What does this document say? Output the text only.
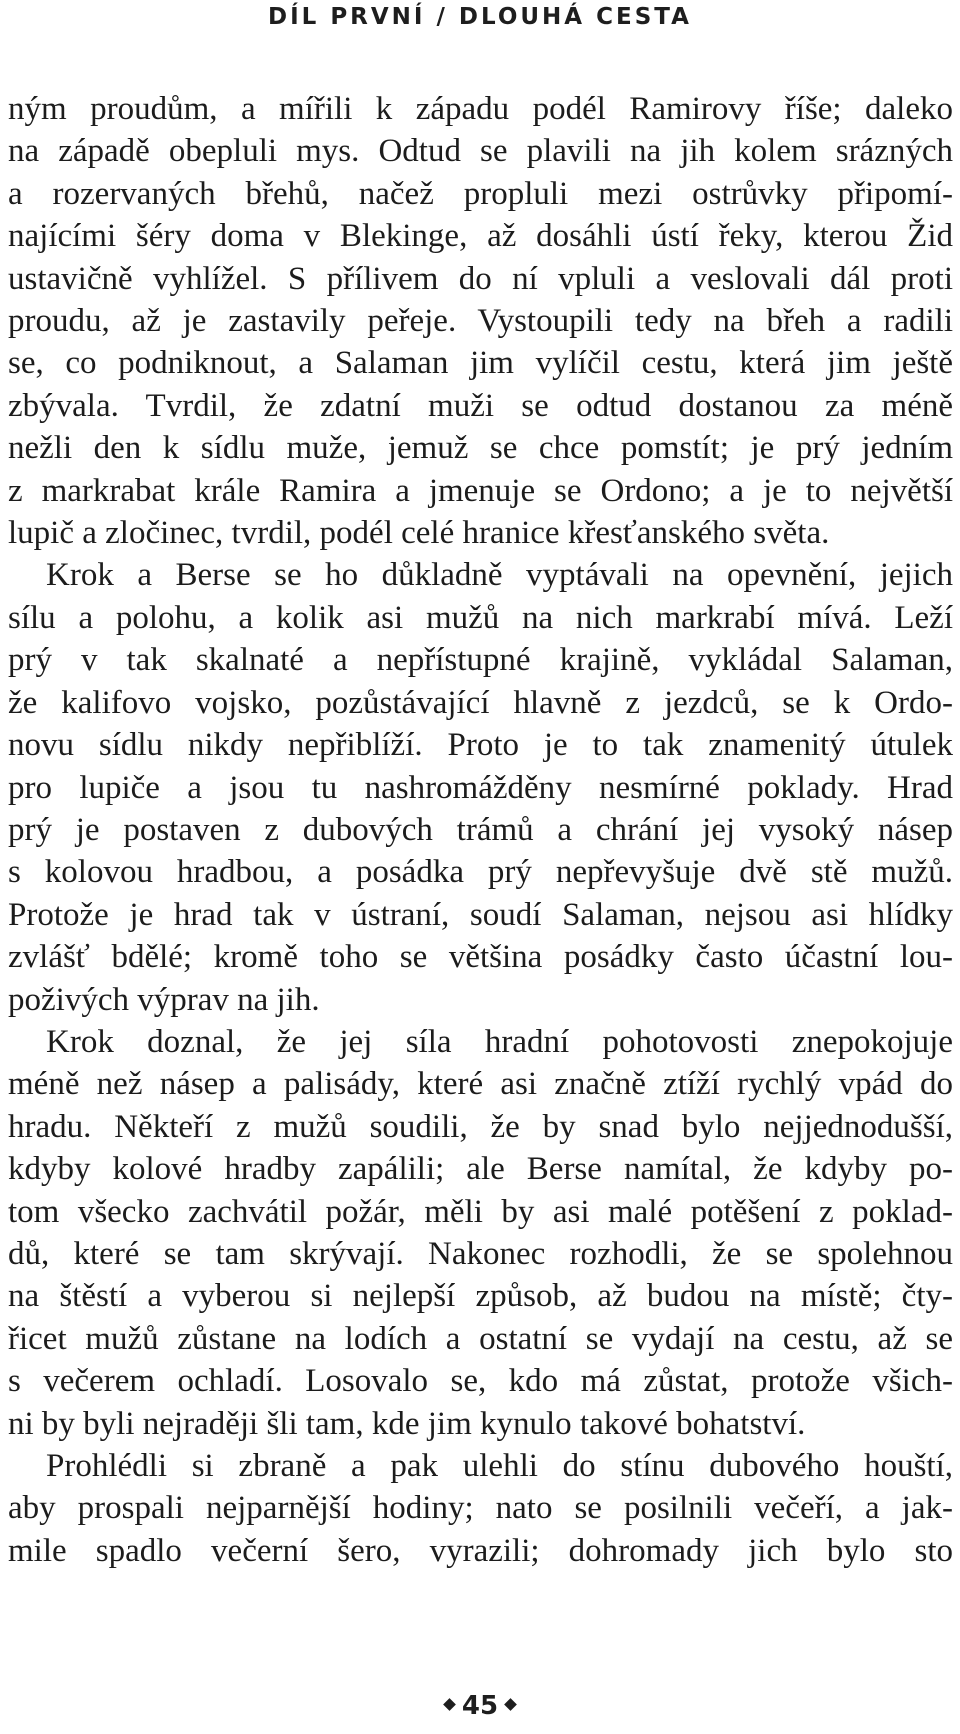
DÍL PRVNÍ / DLOUHÁ CESTA

ným proudům, a mířili k západu podél Ramirovy říše; daleko

na západě obepluli mys. Odtud se plavili na jih kolem srázných

a rozervaných břehů, načež propluli mezi ostrůvky připomí-

najícími šéry doma v Blekinge, až dosáhli ústí řeky, kterou Žid

ustavičně vyhlížel. S přílivem do ní vpluli a veslovali dál proti

proudu, až je zastavily peřeje. Vystoupili tedy na břeh a radili

se, co podniknout, a Salaman jim vylíčil cestu, která jim ještě

zbývala. Tvrdil, že zdatní muži se odtud dostanou za méně

nežli den k sídlu muže, jemuž se chce pomstít; je prý jedním

z markrabat krále Ramira a jmenuje se Ordono; a je to největší

lupič a zločinec, tvrdil, podél celé hranice křesťanského světa.

Krok a Berse se ho důkladně vyptávali na opevnění, jejich

sílu a polohu, a kolik asi mužů na nich markrabí mívá. Leží

prý v tak skalnaté a nepřístupné krajině, vykládal Salaman,

že kalifovo vojsko, pozůstávající hlavně z jezdců, se k Ordo-

novu sídlu nikdy nepřiblíží. Proto je to tak znamenitý útulek

pro lupiče a jsou tu nashromážděny nesmírné poklady. Hrad

prý je postaven z dubových trámů a chrání jej vysoký násep

s kolovou hradbou, a posádka prý nepřevyšuje dvě stě mužů.

Protože je hrad tak v ústraní, soudí Salaman, nejsou asi hlídky

zvlášť bdělé; kromě toho se většina posádky často účastní lou-

poživých výprav na jih.

Krok doznal, že jej síla hradní pohotovosti znepokojuje

méně než násep a palisády, které asi značně ztíží rychlý vpád do

hradu. Někteří z mužů soudili, že by snad bylo nejjednodušší,

kdyby kolové hradby zapálili; ale Berse namítal, že kdyby po-

tom všecko zachvátil požár, měli by asi malé potěšení z poklad-

dů, které se tam skrývají. Nakonec rozhodli, že se spolehnou

na štěstí a vyberou si nejlepší způsob, až budou na místě; čty-

řicet mužů zůstane na lodích a ostatní se vydají na cestu, až se

s večerem ochladí. Losovalo se, kdo má zůstat, protože všich-

ni by byli nejraději šli tam, kde jim kynulo takové bohatství.

Prohlédli si zbraně a pak ulehli do stínu dubového houští,

aby prospali nejparnější hodiny; nato se posilnili večeří, a jak-

mile spadlo večerní šero, vyrazili; dohromady jich bylo sto

45
